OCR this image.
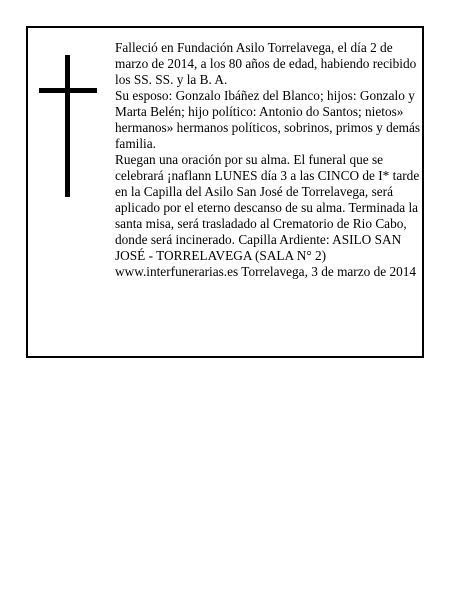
Falleció en Fundación Asilo Torrelavega, el día 2 de marzo de 2014, a los 80 años de edad, habiendo recibido los SS. SS. y la B. A.

Su esposo: Gonzalo Ibáñez del Blanco; hijos: Gonzalo y Marta Belén; hijo político: Antonio do Santos; nietos» hermanos» hermanos políticos, sobrinos, primos y demás familia.

Ruegan una oración por su alma. El funeral que se celebrará ¡naflann LUNES día 3 a las CINCO de I* tarde en la Capilla del Asilo San José de Torrelavega, será aplicado por el eterno descanso de su alma. Terminada la santa misa, será trasladado al Crematorio de Rio Cabo, donde será incinerado. Capilla Ardiente: ASILO SAN JOSÉ - TORRELAVEGA (SALA N° 2)

www.interfunerarias.es Torrelavega, 3 de marzo de 2014
